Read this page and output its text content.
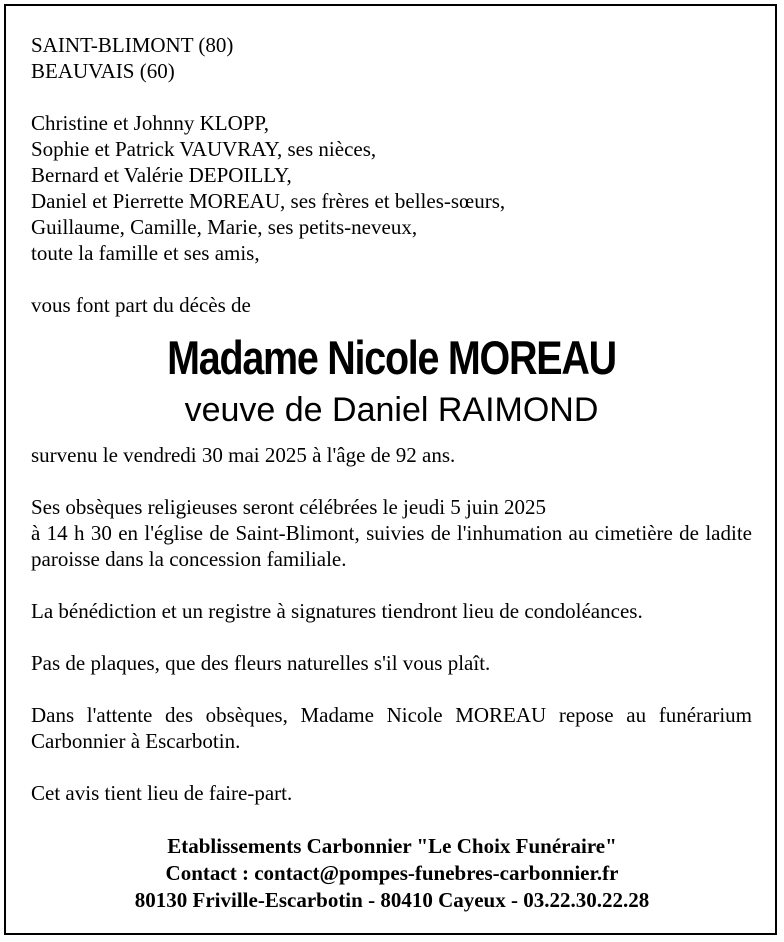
SAINT-BLIMONT (80)

BEAUVAIS (60)

Christine et Johnny KLOPP,

Sophie et Patrick VAUVRAY, ses nièces,

Bernard et Valérie DEPOILLY,

Daniel et Pierrette MOREAU, ses frères et belles-sœurs,

Guillaume, Camille, Marie, ses petits-neveux,

toute la famille et ses amis,

vous font part du décès de

Madame Nicole MOREAU
veuve de Daniel RAIMOND

survenu le vendredi 30 mai 2025 à l'âge de 92 ans.

Ses obsèques religieuses seront célébrées le jeudi 5 juin 2025

à 14 h 30 en l'église de Saint-Blimont, suivies de l'inhumation au cimetière de ladite paroisse dans la concession familiale.

La bénédiction et un registre à signatures tiendront lieu de condoléances.

Pas de plaques, que des fleurs naturelles s'il vous plaît.

Dans l'attente des obsèques, Madame Nicole MOREAU repose au funérarium Carbonnier à Escarbotin.

Cet avis tient lieu de faire-part.

Etablissements Carbonnier "Le Choix Funéraire"

Contact : contact@pompes-funebres-carbonnier.fr

80130 Friville-Escarbotin - 80410 Cayeux - 03.22.30.22.28
